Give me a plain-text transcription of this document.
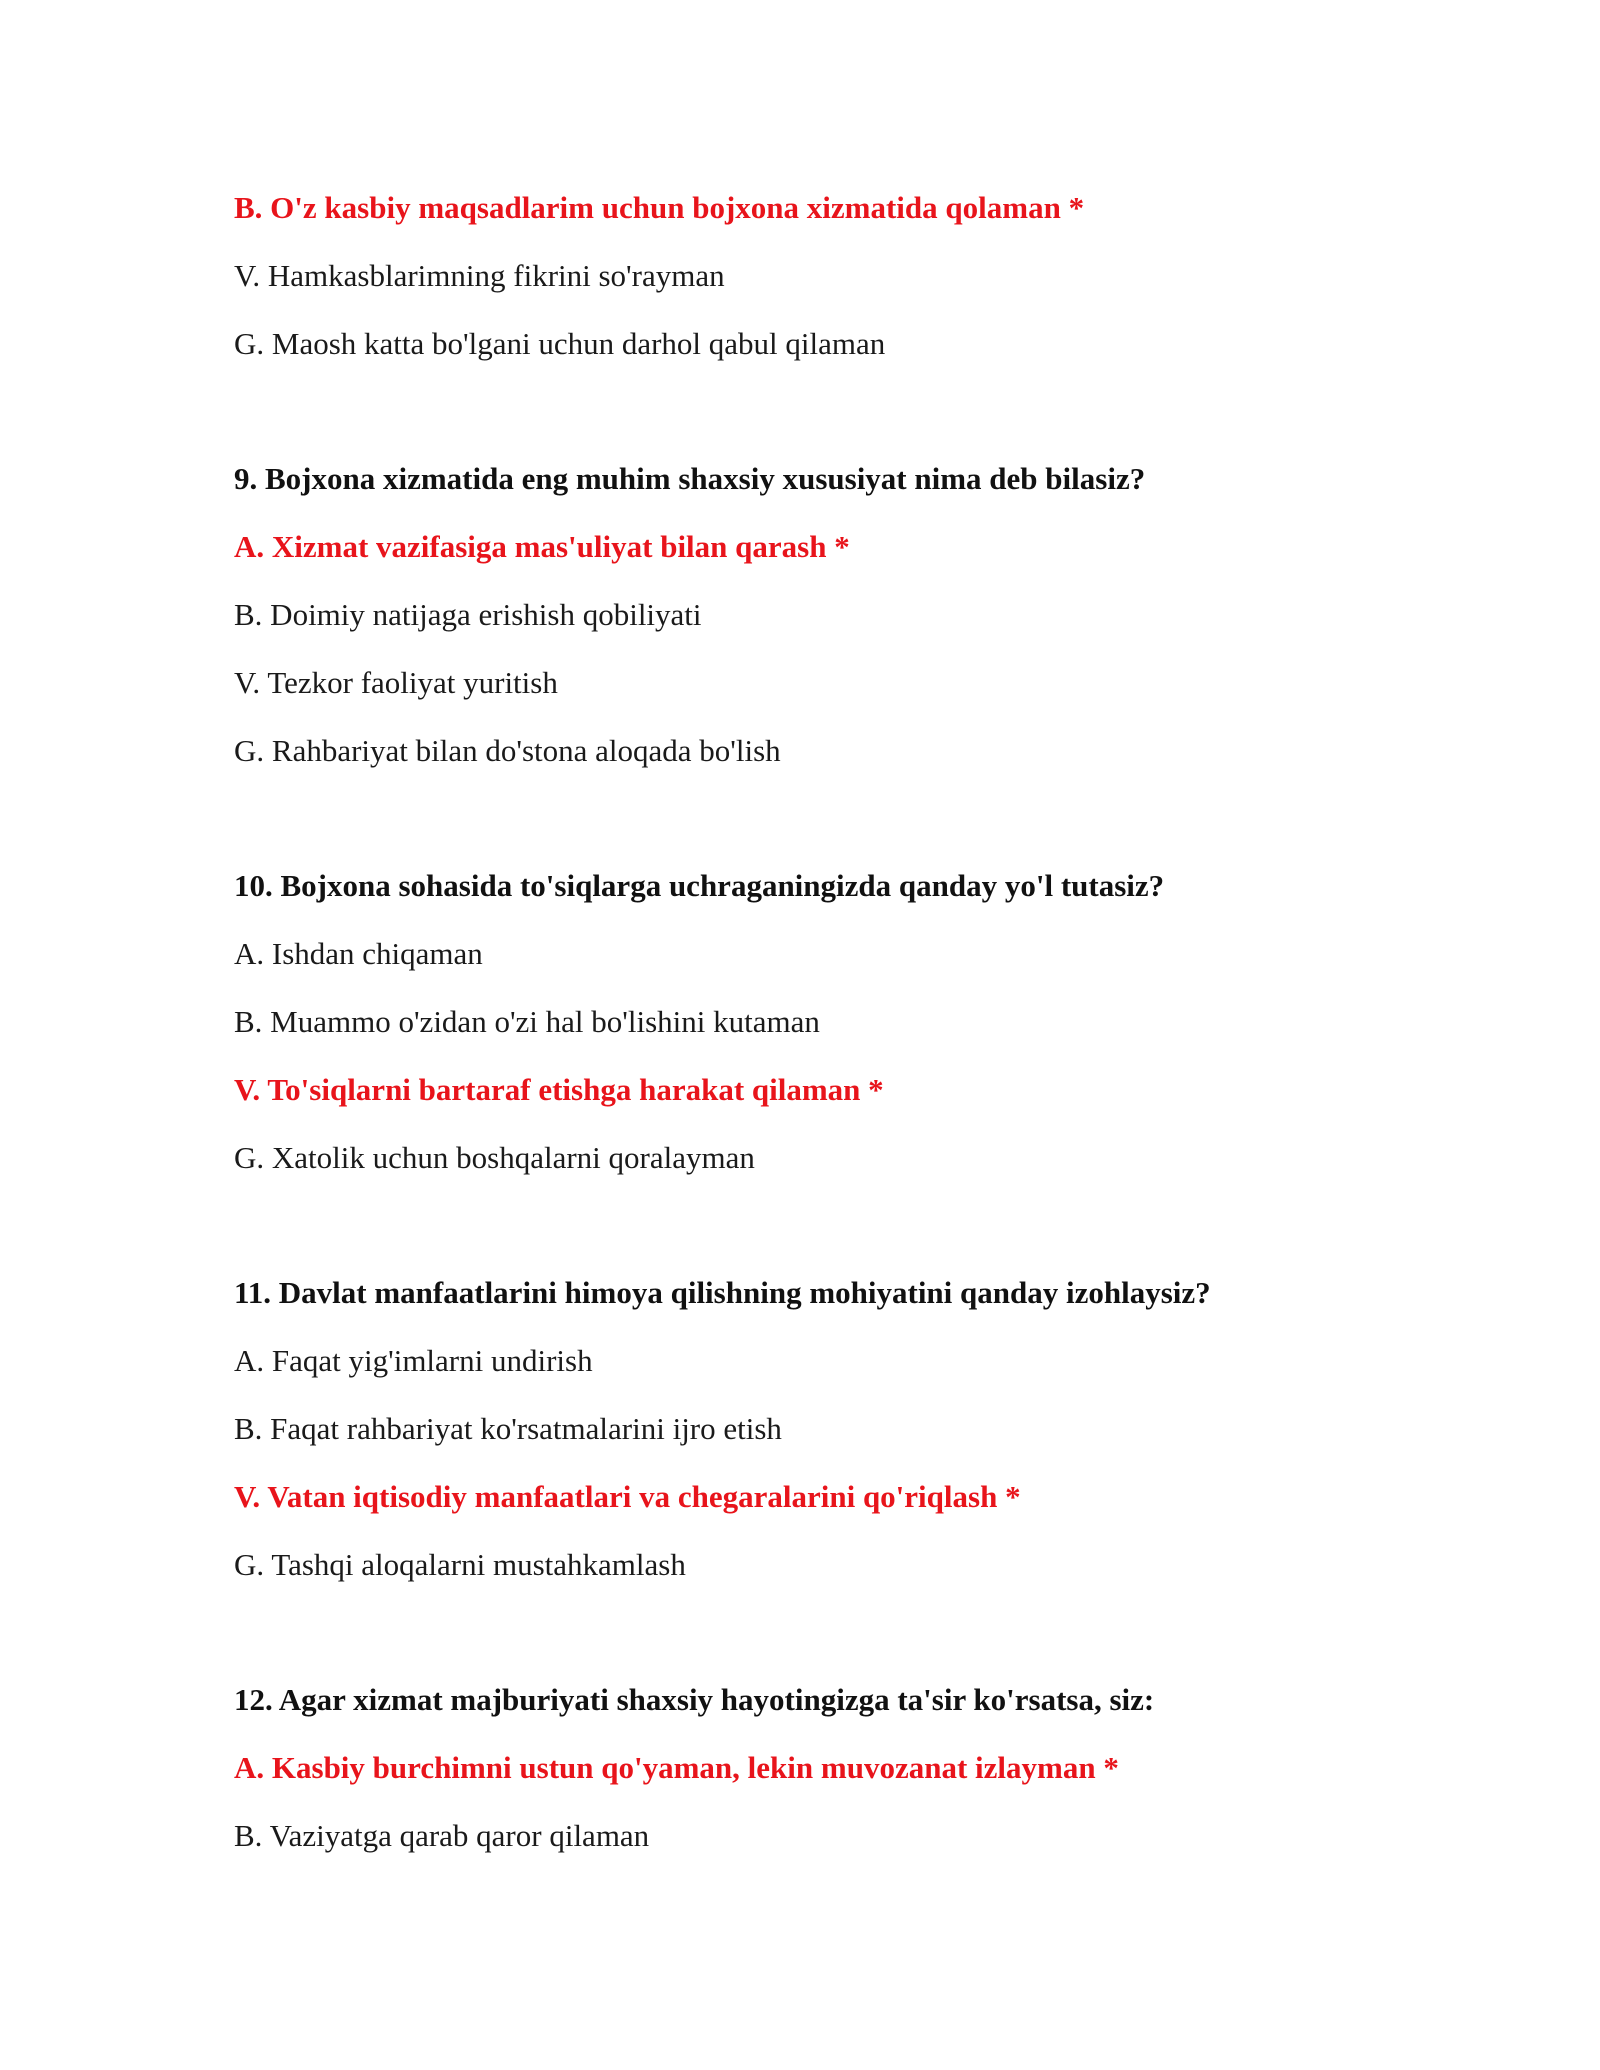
B. O'z kasbiy maqsadlarim uchun bojxona xizmatida qolaman *
V. Hamkasblarimning fikrini so'rayman
G. Maosh katta bo'lgani uchun darhol qabul qilaman
9. Bojxona xizmatida eng muhim shaxsiy xususiyat nima deb bilasiz?
A. Xizmat vazifasiga mas'uliyat bilan qarash *
B. Doimiy natijaga erishish qobiliyati
V. Tezkor faoliyat yuritish
G. Rahbariyat bilan do'stona aloqada bo'lish
10. Bojxona sohasida to'siqlarga uchraganingizda qanday yo'l tutasiz?
A. Ishdan chiqaman
B. Muammo o'zidan o'zi hal bo'lishini kutaman
V. To'siqlarni bartaraf etishga harakat qilaman *
G. Xatolik uchun boshqalarni qoralayman
11. Davlat manfaatlarini himoya qilishning mohiyatini qanday izohlaysiz?
A. Faqat yig'imlarni undirish
B. Faqat rahbariyat ko'rsatmalarini ijro etish
V. Vatan iqtisodiy manfaatlari va chegaralarini qo'riqlash *
G. Tashqi aloqalarni mustahkamlash
12. Agar xizmat majburiyati shaxsiy hayotingizga ta'sir ko'rsatsa, siz:
A. Kasbiy burchimni ustun qo'yaman, lekin muvozanat izlayman *
B. Vaziyatga qarab qaror qilaman
